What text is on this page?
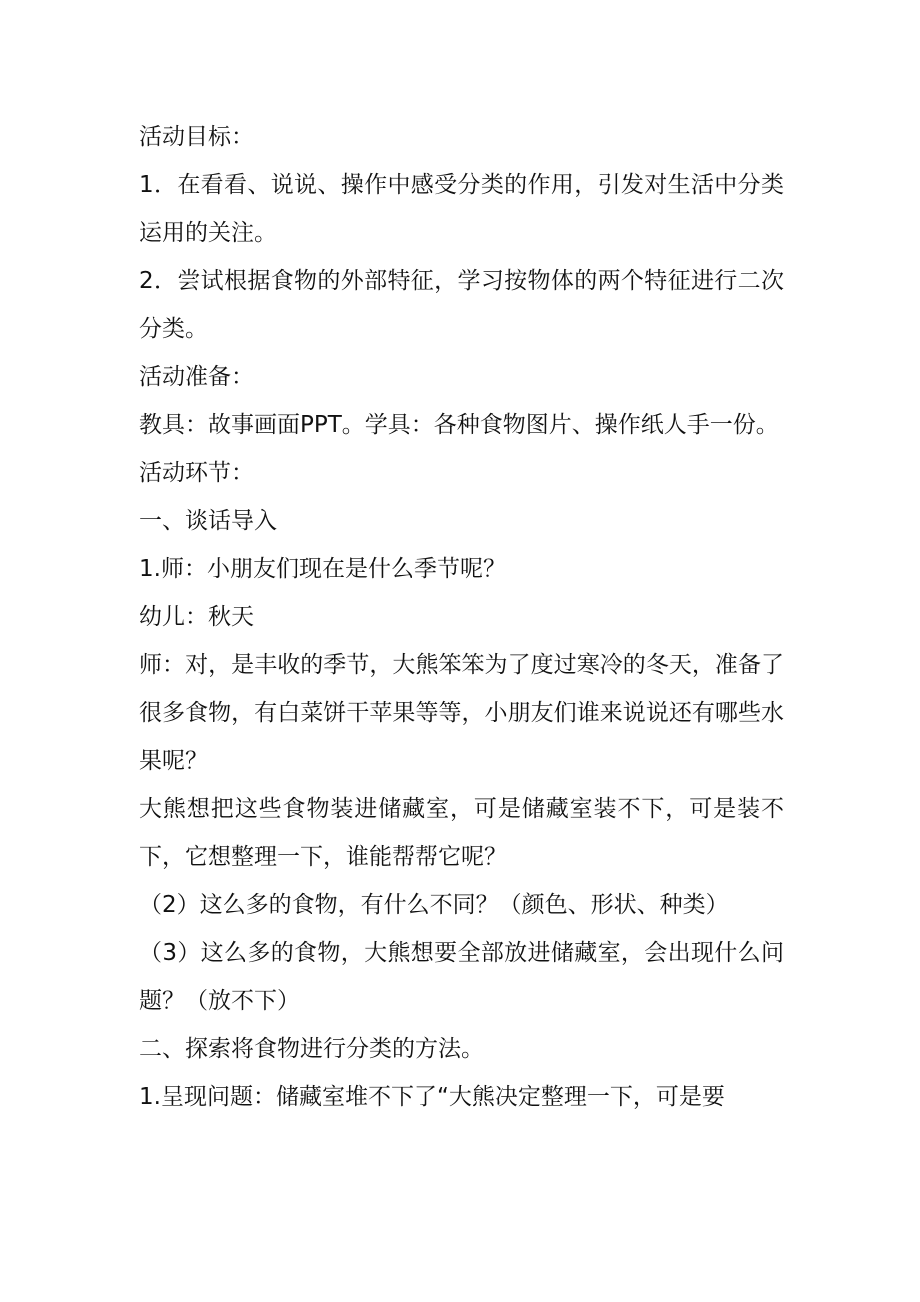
活动目标：

1．在看看、说说、操作中感受分类的作用，引发对生活中分类运用的关注。

2．尝试根据食物的外部特征，学习按物体的两个特征进行二次分类。

活动准备：

教具：故事画面PPT。学具：各种食物图片、操作纸人手一份。

活动环节：

一、谈话导入

1.师：小朋友们现在是什么季节呢？

幼儿：秋天

师：对，是丰收的季节，大熊笨笨为了度过寒冷的冬天，准备了很多食物，有白菜饼干苹果等等，小朋友们谁来说说还有哪些水果呢？

大熊想把这些食物装进储藏室，可是储藏室装不下，可是装不下，它想整理一下，谁能帮帮它呢？

（2）这么多的食物，有什么不同？（颜色、形状、种类）

（3）这么多的食物，大熊想要全部放进储藏室，会出现什么问题？（放不下）

二、探索将食物进行分类的方法。

1.呈现问题：储藏室堆不下了“大熊决定整理一下，可是要
